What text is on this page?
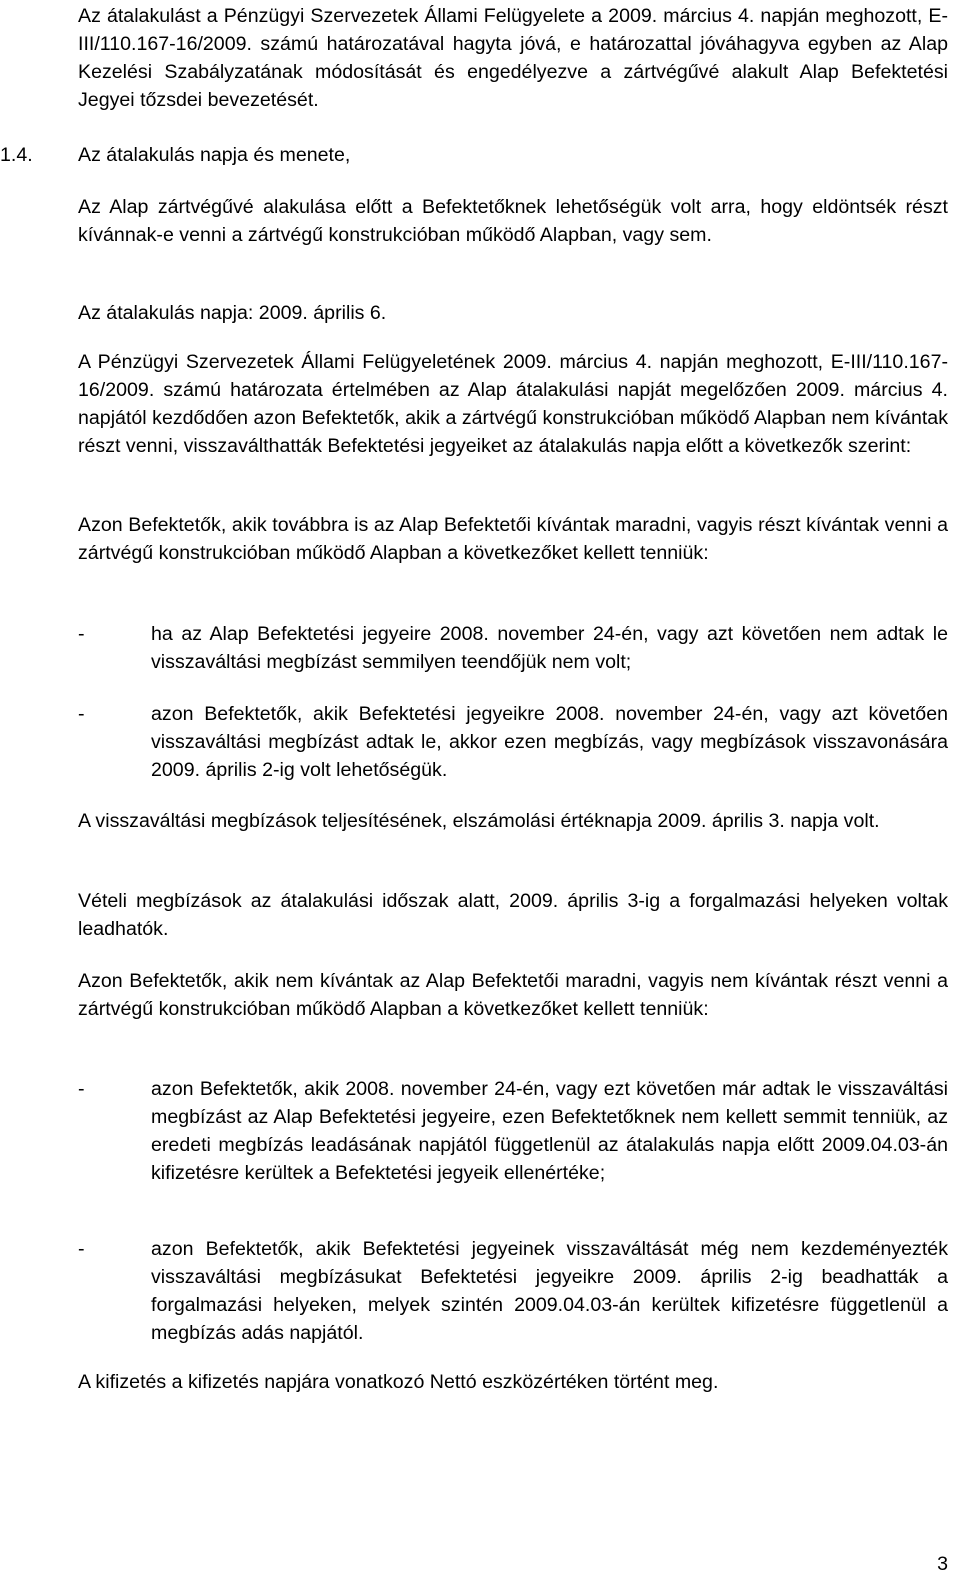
Az átalakulást a Pénzügyi Szervezetek Állami Felügyelete a 2009. március 4. napján meghozott, E-III/110.167-16/2009. számú határozatával hagyta jóvá, e határozattal jóváhagyva egyben az Alap Kezelési Szabályzatának módosítását és engedélyezve a zártvégűvé alakult Alap Befektetési Jegyei tőzsdei bevezetését.

Az Alap zártvégűvé alakulása előtt a Befektetőknek lehetőségük volt arra, hogy eldöntsék részt kívánnak-e venni a zártvégű konstrukcióban működő Alapban, vagy sem.

Az átalakulás napja: 2009. április 6.

A Pénzügyi Szervezetek Állami Felügyeletének 2009. március 4. napján meghozott, E-III/110.167-16/2009. számú határozata értelmében az Alap átalakulási napját megelőzően 2009. március 4. napjától kezdődően azon Befektetők, akik a zártvégű konstrukcióban működő Alapban nem kívántak részt venni, visszaválthatták Befektetési jegyeiket az átalakulás napja előtt a következők szerint:

Azon Befektetők, akik továbbra is az Alap Befektetői kívántak maradni, vagyis részt kívántak venni a zártvégű konstrukcióban működő Alapban a következőket kellett tenniük:

-	ha az Alap Befektetési jegyeire 2008. november 24-én, vagy azt követően nem adtak le visszaváltási megbízást semmilyen teendőjük nem volt;
-	azon Befektetők, akik Befektetési jegyeikre 2008. november 24-én, vagy azt követően visszaváltási megbízást adtak le, akkor ezen megbízás, vagy megbízások visszavonására 2009. április 2-ig volt lehetőségük.

A visszaváltási megbízások teljesítésének, elszámolási értéknapja 2009. április 3. napja volt.

Vételi megbízások az átalakulási időszak alatt, 2009. április 3-ig a forgalmazási helyeken voltak leadhatók.

Azon Befektetők, akik nem kívántak az Alap Befektetői maradni, vagyis nem kívántak részt venni a zártvégű konstrukcióban működő Alapban a következőket kellett tenniük:

-	azon Befektetők, akik 2008. november 24-én, vagy ezt követően már adtak le visszaváltási megbízást az Alap Befektetési jegyeire, ezen Befektetőknek nem kellett semmit tenniük, az eredeti megbízás leadásának napjától függetlenül az átalakulás napja előtt 2009.04.03-án kifizetésre kerültek a Befektetési jegyeik ellenértéke;
-	azon Befektetők, akik Befektetési jegyeinek visszaváltását még nem kezdeményezték visszaváltási megbízásukat Befektetési jegyeikre 2009. április 2-ig beadhatták a forgalmazási helyeken, melyek szintén 2009.04.03-án kerültek kifizetésre függetlenül a megbízás adás napjától.

A kifizetés a kifizetés napjára vonatkozó Nettó eszközértéken történt meg.

1.4. Az átalakulás napja és menete,
3
